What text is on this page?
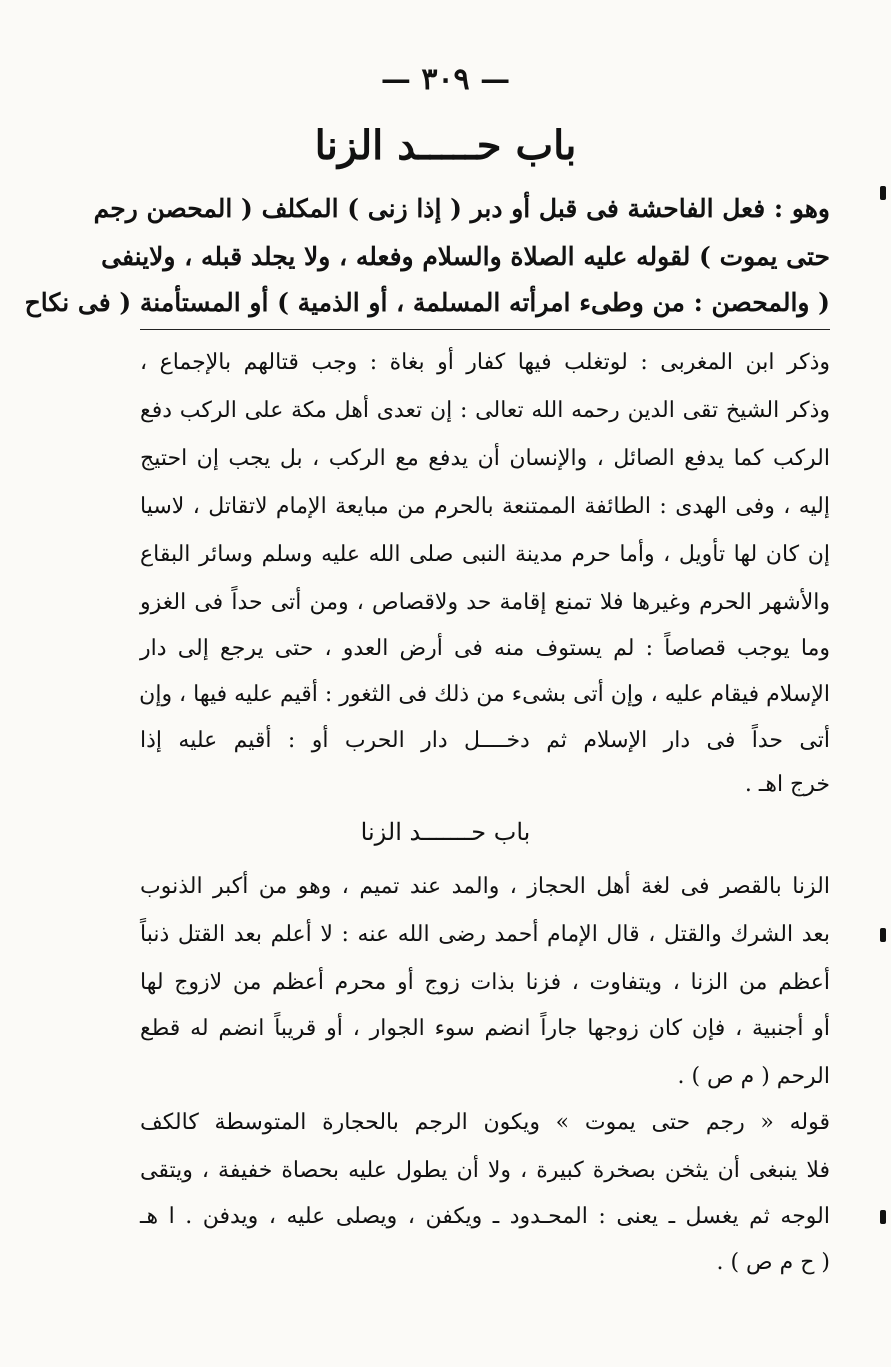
— ٣٠٩ —
باب حـــــد الزنا
وهو : فعل الفاحشة فى قبل أو دبر ( إذا زنى ) المكلف ( المحصن رجم
حتى يموت ) لقوله عليه الصلاة والسلام وفعله ، ولا يجلد قبله ، ولاينفى
( والمحصن : من وطىء امرأته المسلمة ، أو الذمية ) أو المستأمنة ( فى نكاح
وذكر ابن المغربى : لوتغلب فيها كفار أو بغاة : وجب قتالهم بالإجماع ،
وذكر الشيخ تقى الدين رحمه الله تعالى : إن تعدى أهل مكة على الركب دفع
الركب كما يدفع الصائل ، والإنسان أن يدفع مع الركب ، بل يجب إن احتيج
إليه ، وفى الهدى : الطائفة الممتنعة بالحرم من مبايعة الإمام لاتقاتل ، لاسيا
إن كان لها تأويل ، وأما حرم مدينة النبى صلى الله عليه وسلم وسائر البقاع
والأشهر الحرم وغيرها فلا تمنع إقامة حد ولاقصاص ، ومن أتى حداً فى الغزو
وما يوجب قصاصاً : لم يستوف منه فى أرض العدو ، حتى يرجع إلى دار
الإسلام فيقام عليه ، وإن أتى بشىء من ذلك فى الثغور : أقيم عليه فيها ، وإن
أتى حداً فى دار الإسلام ثم دخــــل دار الحرب أو : أقيم عليه إذا
خرج اهـ .
باب حـــــــد الزنا
الزنا بالقصر فى لغة أهل الحجاز ، والمد عند تميم ، وهو من أكبر الذنوب
بعد الشرك والقتل ، قال الإمام أحمد رضى الله عنه : لا أعلم بعد القتل ذنباً
أعظم من الزنا ، ويتفاوت ، فزنا بذات زوج أو محرم أعظم من لازوج لها
أو أجنبية ، فإن كان زوجها جاراً انضم سوء الجوار ، أو قريباً انضم له قطع
الرحم ( م ص ) .
قوله « رجم حتى يموت » ويكون الرجم بالحجارة المتوسطة كالكف
فلا ينبغى أن يثخن بصخرة كبيرة ، ولا أن يطول عليه بحصاة خفيفة ، ويتقى
الوجه ثم يغسل ـ يعنى : المحـدود ـ ويكفن ، ويصلى عليه ، ويدفن . ا هـ
( ح م ص ) .
